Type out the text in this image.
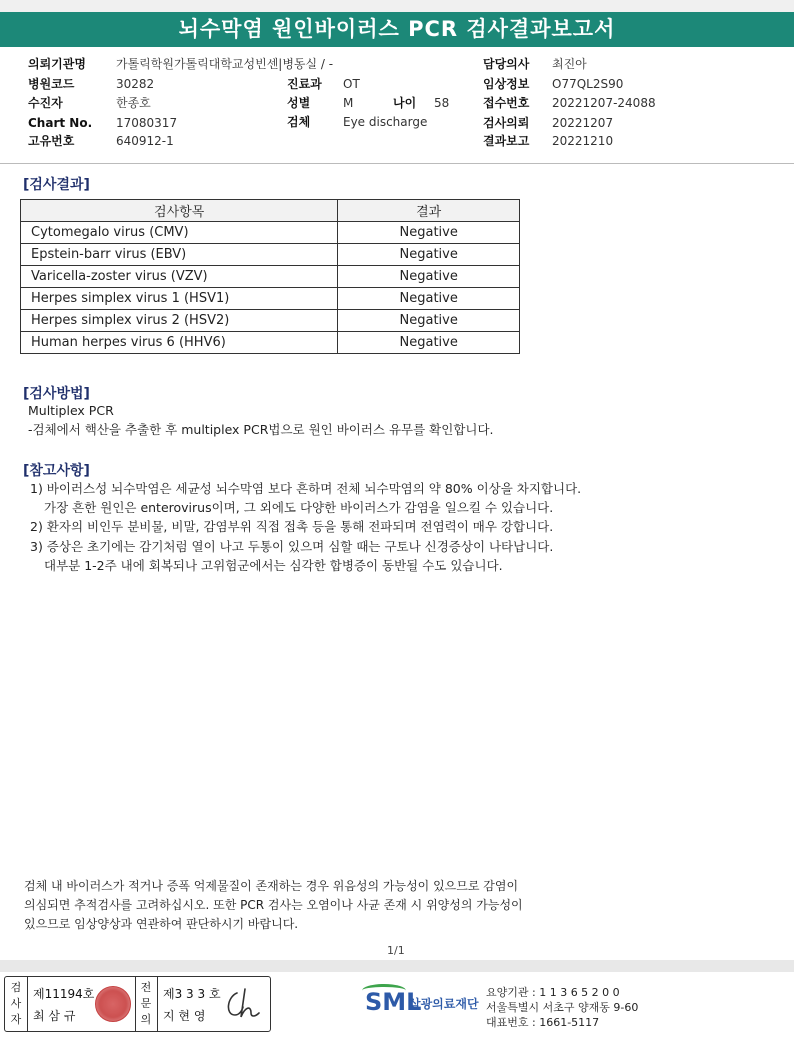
뇌수막염 원인바이러스 PCR 검사결과보고서
의뢰기관명	가톨릭학원가톨릭대학교성빈센|병동실 / -
병원코드	30282
수진자	한종호
Chart No. 17080317
고유번호	640912-1
진료과 OT
성별	M	나이 58
검체	Eye discharge
담당의사 최진아
임상정보 O77QL2S90
접수번호 20221207-24088
검사의뢰 20221207
결과보고 20221210
[검사결과]
검사항목	결과
Cytomegalo virus (CMV)	Negative
Epstein-barr virus (EBV)	Negative
Varicella-zoster virus (VZV)	Negative
Herpes simplex virus 1 (HSV1)	Negative
Herpes simplex virus 2 (HSV2)	Negative
Human herpes virus 6 (HHV6)	Negative
[검사방법]
Multiplex PCR
-검체에서 핵산을 추출한 후 multiplex PCR법으로 원인 바이러스 유무를 확인합니다.
[참고사항]
1) 바이러스성 뇌수막염은 세균성 뇌수막염 보다 흔하며 전체 뇌수막염의 약 80% 이상을 차지합니다.
가장 흔한 원인은 enterovirus이며, 그 외에도 다양한 바이러스가 감염을 일으킬 수 있습니다.
2) 환자의 비인두 분비물, 비말, 감염부위 직접 접촉 등을 통해 전파되며 전염력이 매우 강합니다.
3) 증상은 초기에는 감기처럼 열이 나고 두통이 있으며 심할 때는 구토나 신경증상이 나타납니다.
대부분 1-2주 내에 회복되나 고위험군에서는 심각한 합병증이 동반될 수도 있습니다.
검체 내 바이러스가 적거나 증폭 억제물질이 존재하는 경우 위음성의 가능성이 있으므로 감염이
의심되면 추적검사를 고려하십시오. 또한 PCR 검사는 오염이나 사균 존재 시 위양성의 가능성이
있으므로 임상양상과 연관하여 판단하시기 바랍니다.
1/1
검사자
제11194호
최 삼 규
전문의
제3 3 3 호
지 현 영	SML
삼광의료재단
요양기관 : 1 1 3 6 5 2 0 0
서울특별시 서초구 양재동 9-60
대표번호 : 1661-5117
